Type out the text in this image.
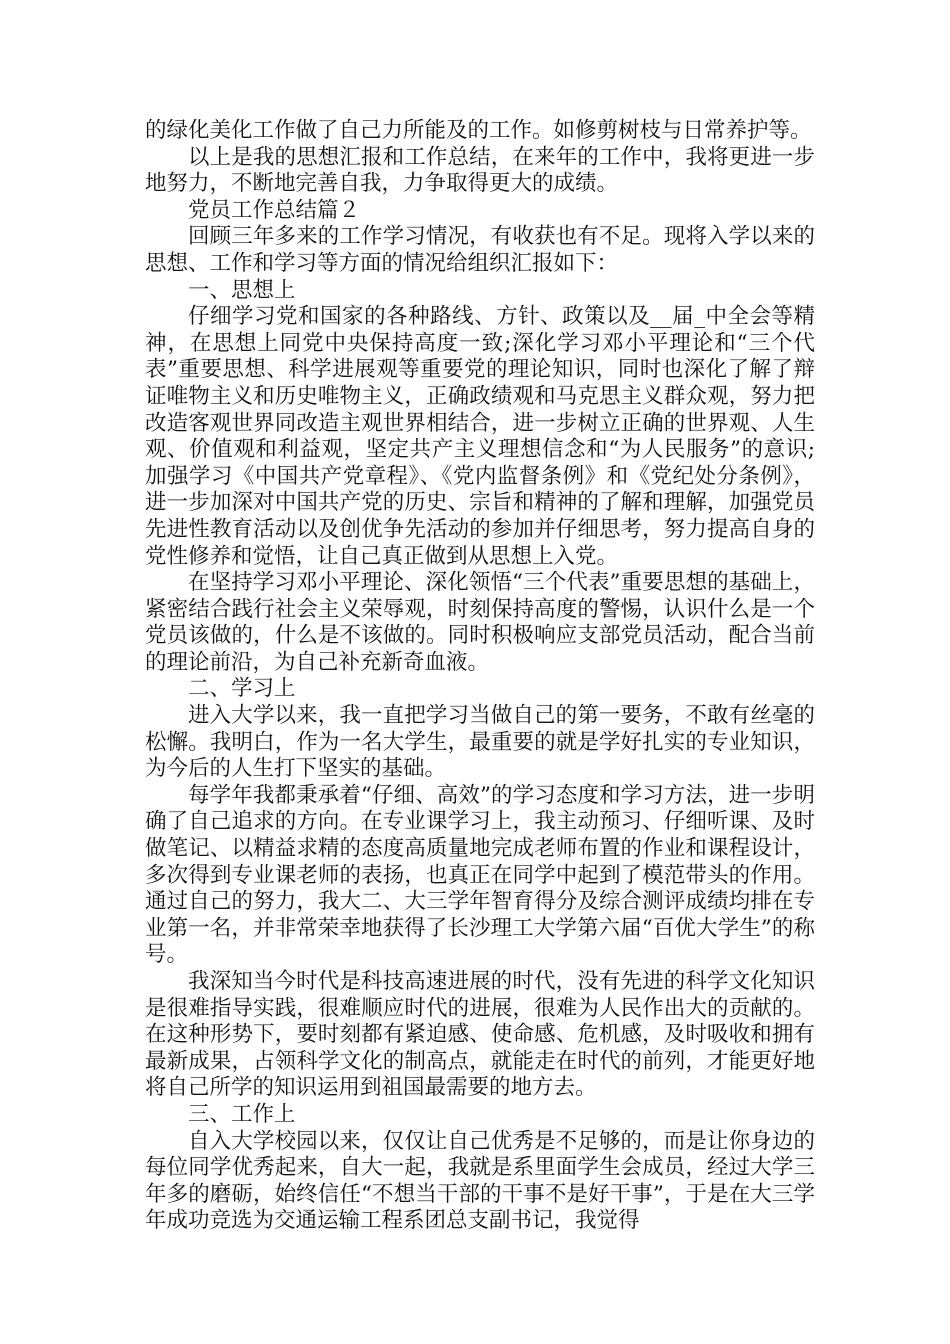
的绿化美化工作做了自己力所能及的工作。如修剪树枝与日常养护等。

以上是我的思想汇报和工作总结，在来年的工作中，我将更进一步地努力，不断地完善自我，力争取得更大的成绩。

党员工作总结篇２

回顾三年多来的工作学习情况，有收获也有不足。现将入学以来的思想、工作和学习等方面的情况给组织汇报如下：

一、思想上

仔细学习党和国家的各种路线、方针、政策以及__届_中全会等精神，在思想上同党中央保持高度一致;深化学习邓小平理论和“三个代表”重要思想、科学进展观等重要党的理论知识，同时也深化了解了辩证唯物主义和历史唯物主义，正确政绩观和马克思主义群众观，努力把改造客观世界同改造主观世界相结合，进一步树立正确的世界观、人生观、价值观和利益观，坚定共产主义理想信念和“为人民服务”的意识;加强学习《中国共产党章程》、《党内监督条例》和《党纪处分条例》，进一步加深对中国共产党的历史、宗旨和精神的了解和理解，加强党员先进性教育活动以及创优争先活动的参加并仔细思考，努力提高自身的党性修养和觉悟，让自己真正做到从思想上入党。

在坚持学习邓小平理论、深化领悟“三个代表”重要思想的基础上，紧密结合践行社会主义荣辱观，时刻保持高度的警惕，认识什么是一个党员该做的，什么是不该做的。同时积极响应支部党员活动，配合当前的理论前沿，为自己补充新奇血液。

二、学习上

进入大学以来，我一直把学习当做自己的第一要务，不敢有丝毫的松懈。我明白，作为一名大学生，最重要的就是学好扎实的专业知识，为今后的人生打下坚实的基础。

每学年我都秉承着“仔细、高效”的学习态度和学习方法，进一步明确了自己追求的方向。在专业课学习上，我主动预习、仔细听课、及时做笔记、以精益求精的态度高质量地完成老师布置的作业和课程设计，多次得到专业课老师的表扬，也真正在同学中起到了模范带头的作用。通过自己的努力，我大二、大三学年智育得分及综合测评成绩均排在专业第一名，并非常荣幸地获得了长沙理工大学第六届“百优大学生”的称号。

我深知当今时代是科技高速进展的时代，没有先进的科学文化知识是很难指导实践，很难顺应时代的进展，很难为人民作出大的贡献的。在这种形势下，要时刻都有紧迫感、使命感、危机感，及时吸收和拥有最新成果，占领科学文化的制高点，就能走在时代的前列，才能更好地将自己所学的知识运用到祖国最需要的地方去。

三、工作上

自入大学校园以来，仅仅让自己优秀是不足够的，而是让你身边的每位同学优秀起来，自大一起，我就是系里面学生会成员，经过大学三年多的磨砺，始终信任“不想当干部的干事不是好干事”，于是在大三学年成功竞选为交通运输工程系团总支副书记，我觉得
